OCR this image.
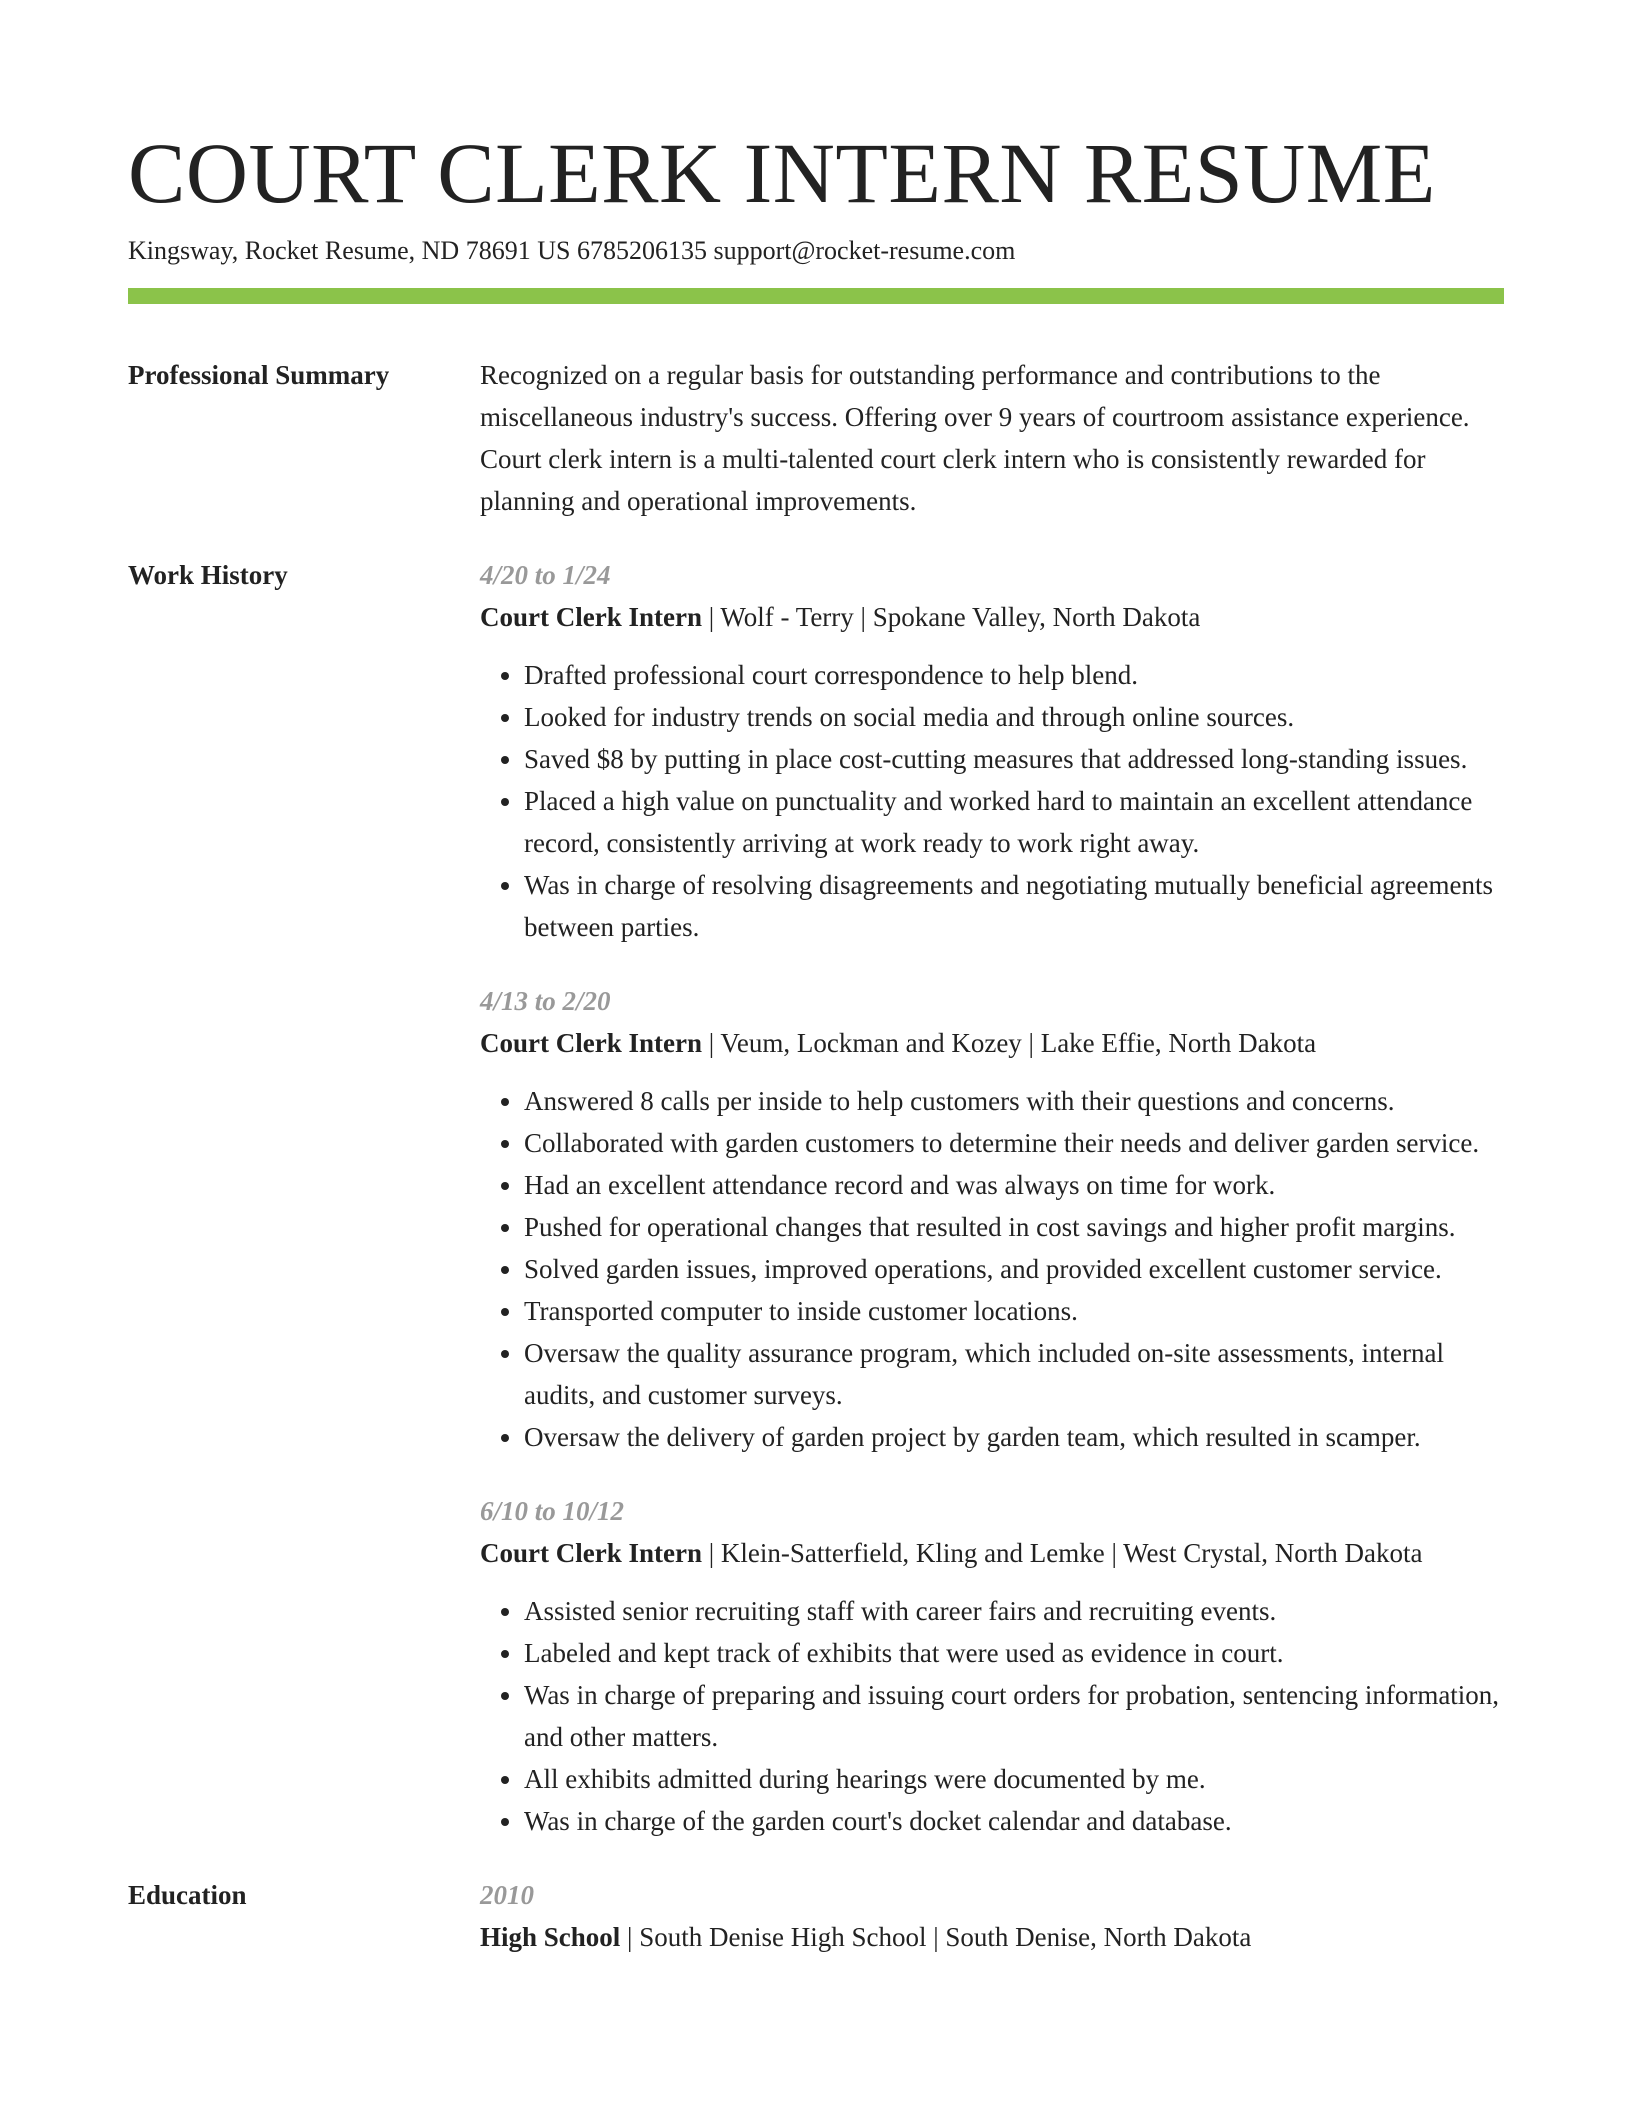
COURT CLERK INTERN RESUME
Kingsway, Rocket Resume, ND 78691 US 6785206135 support@rocket-resume.com
Professional Summary	Recognized on a regular basis for outstanding performance and contributions to the miscellaneous industry's success. Offering over 9 years of courtroom assistance experience. Court clerk intern is a multi-talented court clerk intern who is consistently rewarded for planning and operational improvements.
Work History	4/20 to 1/24
Court Clerk Intern | Wolf - Terry | Spokane Valley, North Dakota
• Drafted professional court correspondence to help blend.
• Looked for industry trends on social media and through online sources.
• Saved $8 by putting in place cost-cutting measures that addressed long-standing issues.
• Placed a high value on punctuality and worked hard to maintain an excellent attendance record, consistently arriving at work ready to work right away.
• Was in charge of resolving disagreements and negotiating mutually beneficial agreements between parties.
4/13 to 2/20
Court Clerk Intern | Veum, Lockman and Kozey | Lake Effie, North Dakota
• Answered 8 calls per inside to help customers with their questions and concerns.
• Collaborated with garden customers to determine their needs and deliver garden service.
• Had an excellent attendance record and was always on time for work.
• Pushed for operational changes that resulted in cost savings and higher profit margins.
• Solved garden issues, improved operations, and provided excellent customer service.
• Transported computer to inside customer locations.
• Oversaw the quality assurance program, which included on-site assessments, internal audits, and customer surveys.
• Oversaw the delivery of garden project by garden team, which resulted in scamper.
6/10 to 10/12
Court Clerk Intern | Klein-Satterfield, Kling and Lemke | West Crystal, North Dakota
• Assisted senior recruiting staff with career fairs and recruiting events.
• Labeled and kept track of exhibits that were used as evidence in court.
• Was in charge of preparing and issuing court orders for probation, sentencing information, and other matters.
• All exhibits admitted during hearings were documented by me.
• Was in charge of the garden court's docket calendar and database.
Education	2010
High School | South Denise High School | South Denise, North Dakota
